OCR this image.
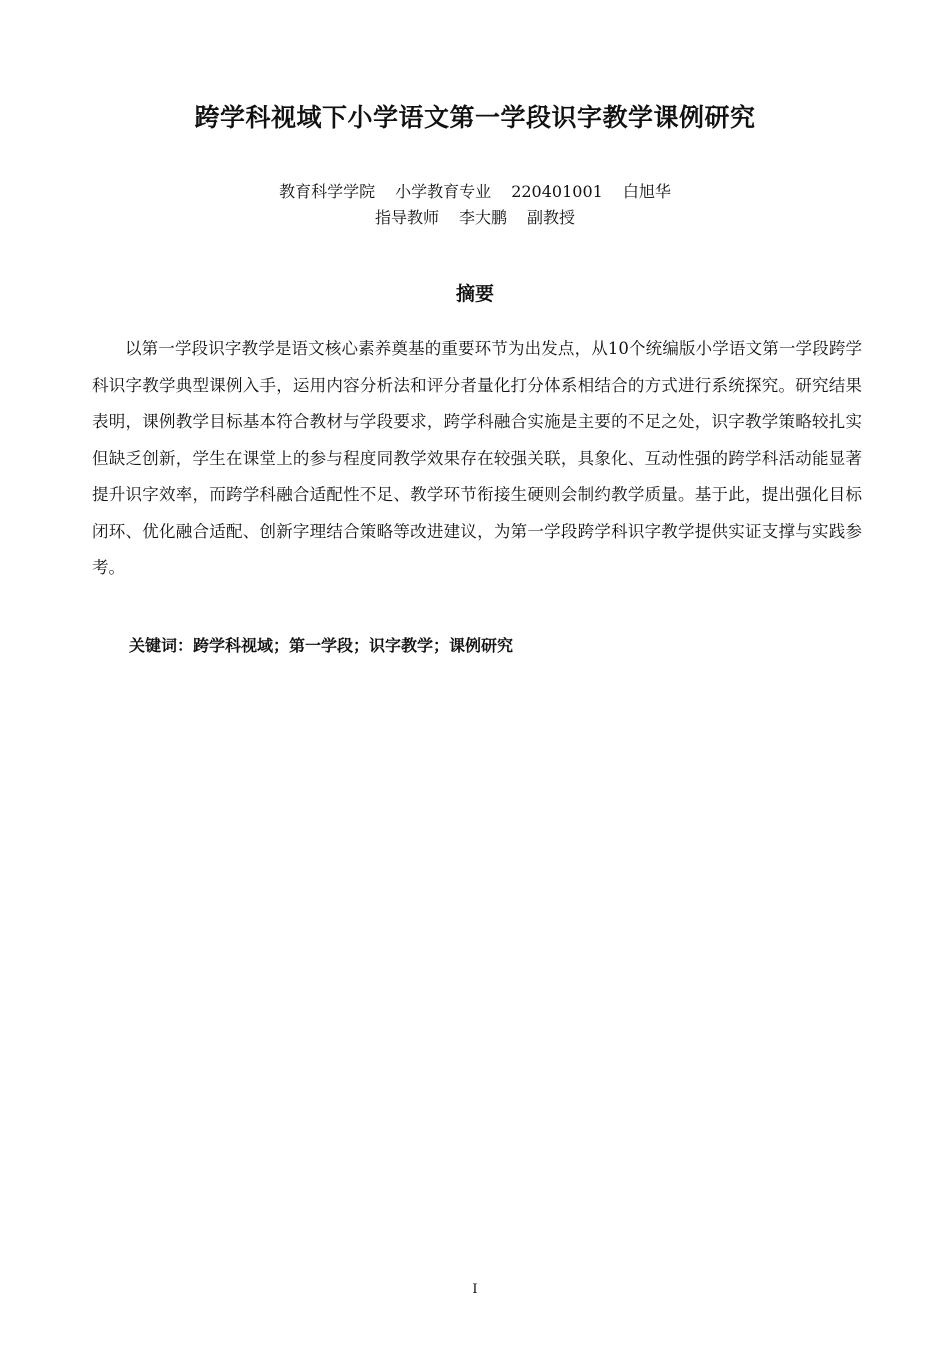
跨学科视域下小学语文第一学段识字教学课例研究
教育科学学院 小学教育专业 220401001 白旭华
指导教师 李大鹏 副教授
摘要

以第一学段识字教学是语文核心素养奠基的重要环节为出发点，从10个统编版小学语文第一学段跨学科识字教学典型课例入手，运用内容分析法和评分者量化打分体系相结合的方式进行系统探究。研究结果表明，课例教学目标基本符合教材与学段要求，跨学科融合实施是主要的不足之处，识字教学策略较扎实但缺乏创新，学生在课堂上的参与程度同教学效果存在较强关联，具象化、互动性强的跨学科活动能显著提升识字效率，而跨学科融合适配性不足、教学环节衔接生硬则会制约教学质量。基于此，提出强化目标闭环、优化融合适配、创新字理结合策略等改进建议，为第一学段跨学科识字教学提供实证支撑与实践参考。

关键词：跨学科视域；第一学段；识字教学；课例研究
I
